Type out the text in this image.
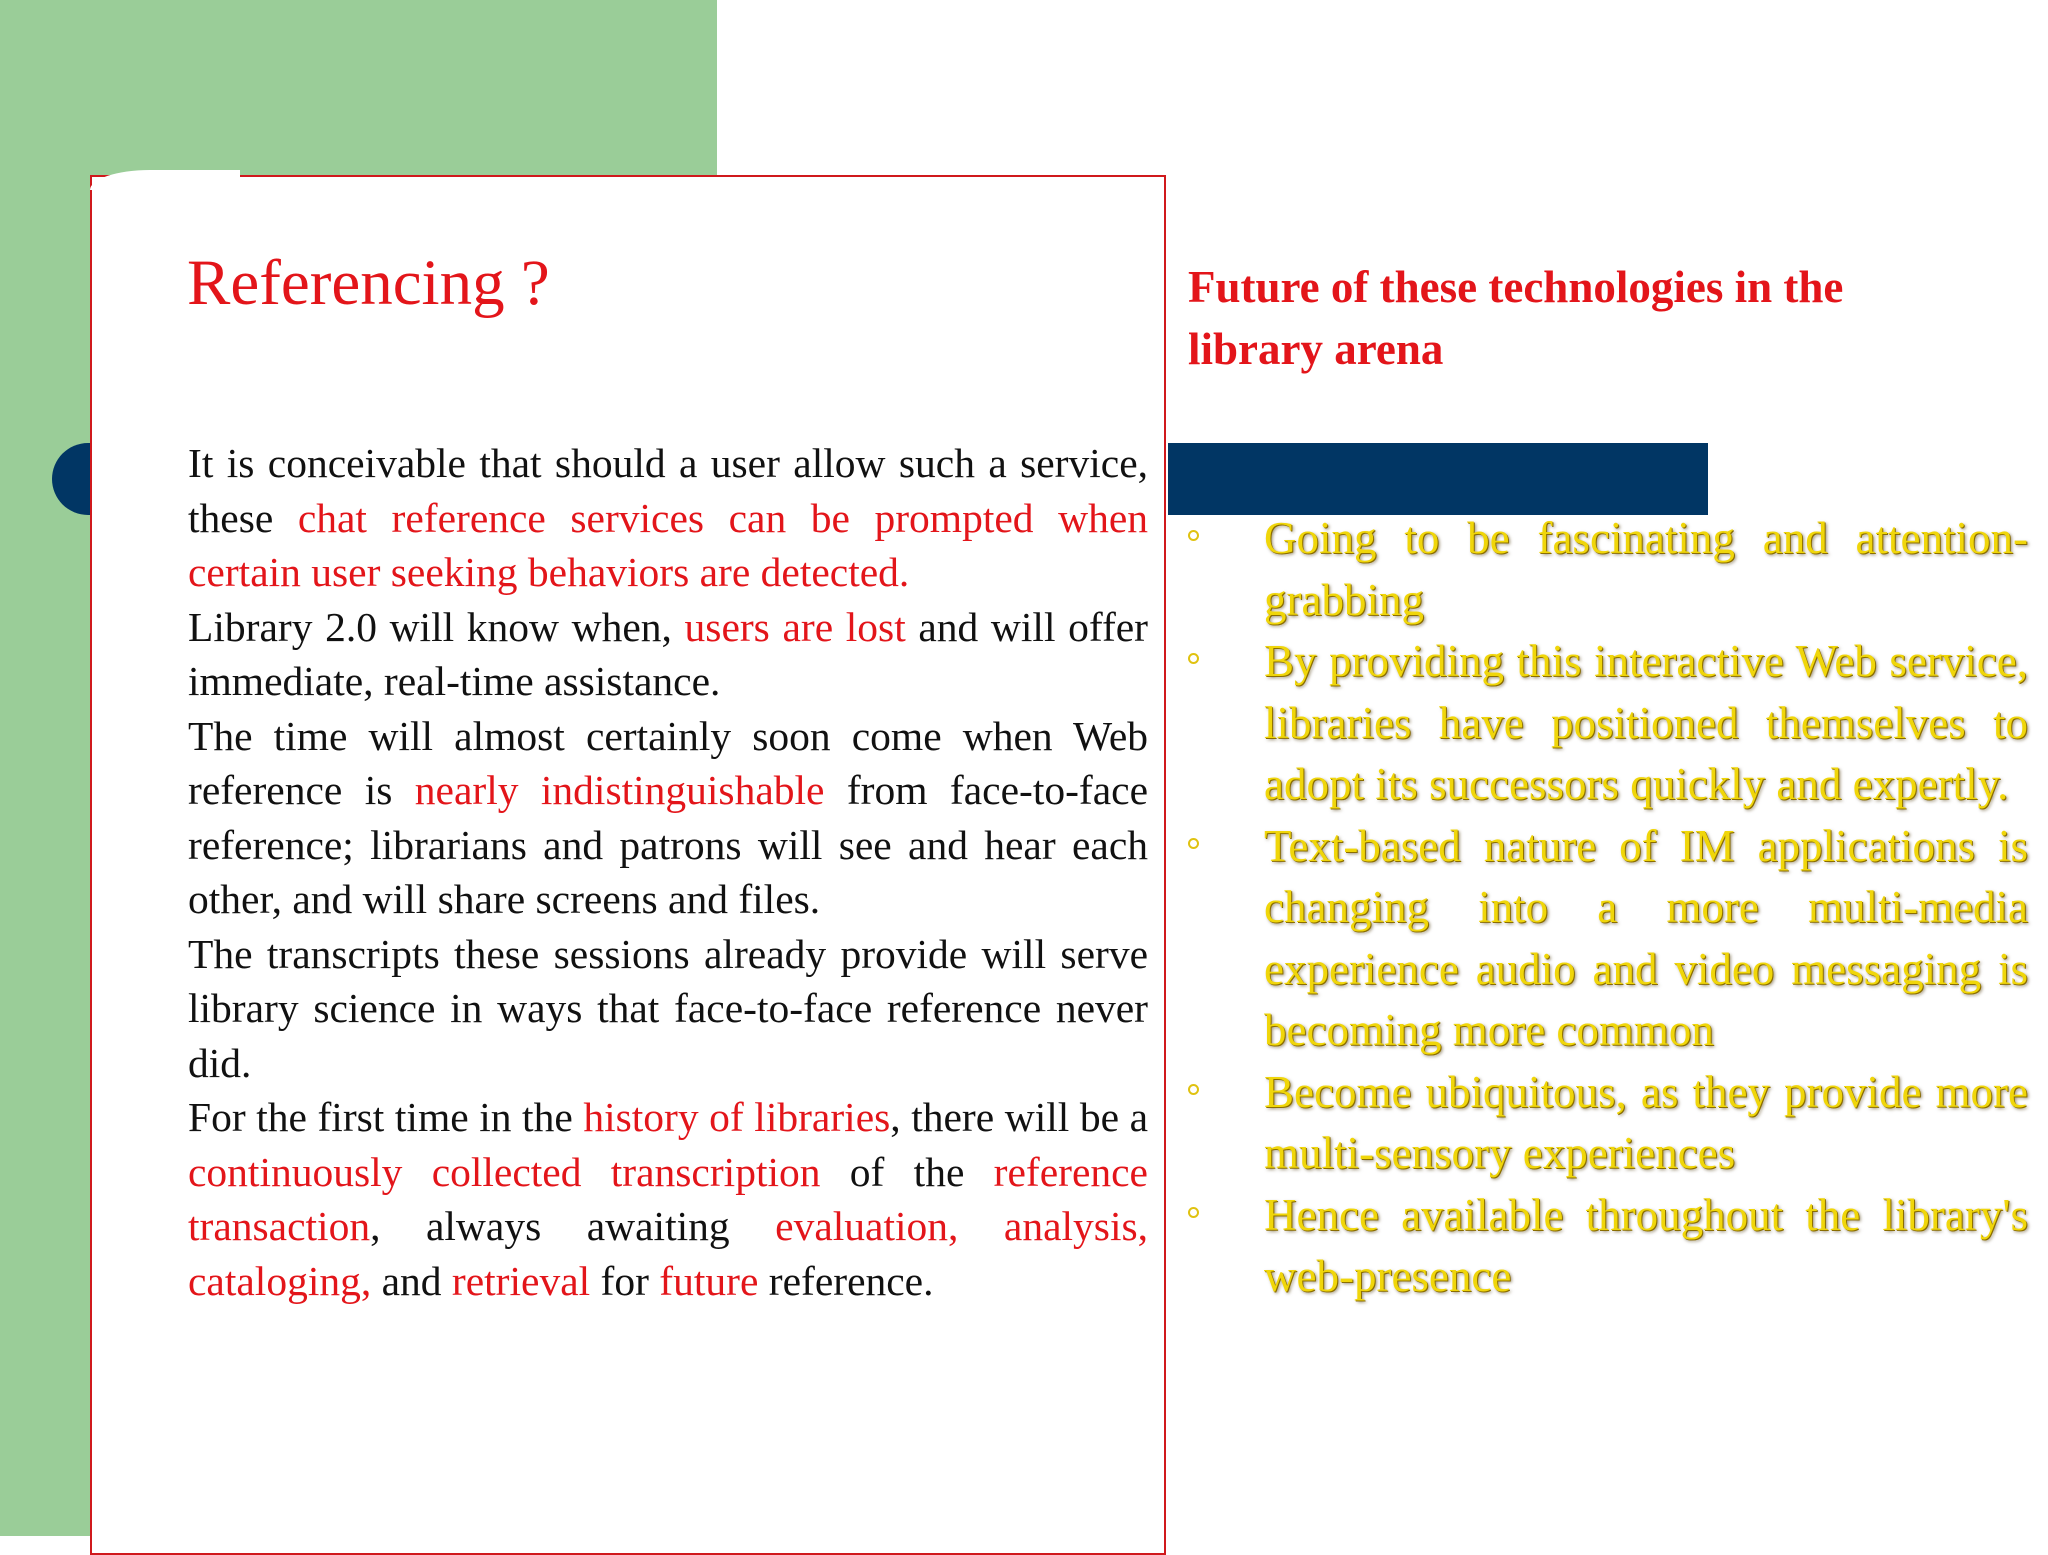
Referencing ?

It is conceivable that should a user allow such a service, these chat reference services can be prompted when certain user seeking behaviors are detected.

Library 2.0 will know when, users are lost and will offer immediate, real-time assistance.

The time will almost certainly soon come when Web reference is nearly indistinguishable from face-to-face reference; librarians and patrons will see and hear each other, and will share screens and files.

The transcripts these sessions already provide will serve library science in ways that face-to-face reference never did.

For the first time in the history of libraries, there will be a continuously collected transcription of the reference transaction, always awaiting evaluation, analysis, cataloging, and retrieval for future reference.

Future of these technologies in the library arena
Going to be fascinating and attention-grabbing
By providing this interactive Web service, libraries have positioned themselves to adopt its successors quickly and expertly.
Text-based nature of IM applications is changing into a more multi-media experience audio and video messaging is becoming more common
Become ubiquitous, as they provide more multi-sensory experiences
Hence available throughout the library's web-presence
